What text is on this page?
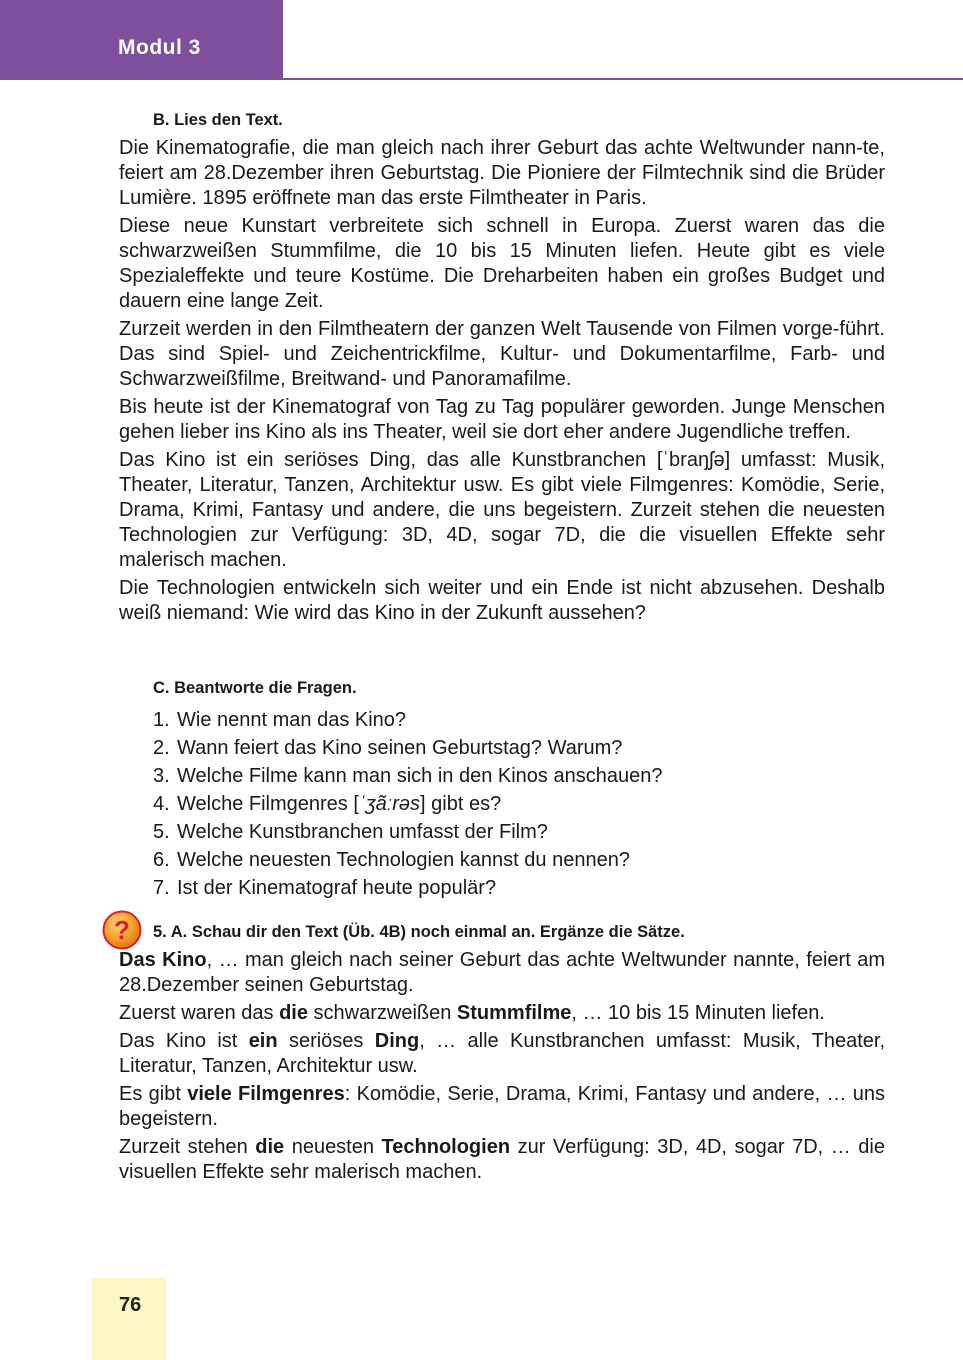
Modul 3

B. Lies den Text.

Die Kinematografie, die man gleich nach ihrer Geburt das achte Weltwunder nann-te, feiert am 28.Dezember ihren Geburtstag. Die Pioniere der Filmtechnik sind die Brüder Lumière. 1895 eröffnete man das erste Filmtheater in Paris.

Diese neue Kunstart verbreitete sich schnell in Europa. Zuerst waren das die schwarzweißen Stummfilme, die 10 bis 15 Minuten liefen. Heute gibt es viele Spezialeffekte und teure Kostüme. Die Dreharbeiten haben ein großes Budget und dauern eine lange Zeit.

Zurzeit werden in den Filmtheatern der ganzen Welt Tausende von Filmen vorge-führt. Das sind Spiel- und Zeichentrickfilme, Kultur- und Dokumentarfilme, Farb- und Schwarzweißfilme, Breitwand- und Panoramafilme.

Bis heute ist der Kinematograf von Tag zu Tag populärer geworden. Junge Menschen gehen lieber ins Kino als ins Theater, weil sie dort eher andere Jugendliche treffen.

Das Kino ist ein seriöses Ding, das alle Kunstbranchen [ˈbraŋʃə] umfasst: Musik, Theater, Literatur, Tanzen, Architektur usw. Es gibt viele Filmgenres: Komödie, Serie, Drama, Krimi, Fantasy und andere, die uns begeistern. Zurzeit stehen die neuesten Technologien zur Verfügung: 3D, 4D, sogar 7D, die die visuellen Effekte sehr malerisch machen.

Die Technologien entwickeln sich weiter und ein Ende ist nicht abzusehen. Deshalb weiß niemand: Wie wird das Kino in der Zukunft aussehen?

C. Beantworte die Fragen.

1. Wie nennt man das Kino?
2. Wann feiert das Kino seinen Geburtstag? Warum?
3. Welche Filme kann man sich in den Kinos anschauen?
4. Welche Filmgenres [ˈʒãːrəs] gibt es?
5. Welche Kunstbranchen umfasst der Film?
6. Welche neuesten Technologien kannst du nennen?
7. Ist der Kinematograf heute populär?
?	5. A. Schau dir den Text (Üb. 4B) noch einmal an. Ergänze die Sätze.

Das Kino, … man gleich nach seiner Geburt das achte Weltwunder nannte, feiert am 28.Dezember seinen Geburtstag.

Zuerst waren das die schwarzweißen Stummfilme, … 10 bis 15 Minuten liefen.

Das Kino ist ein seriöses Ding, … alle Kunstbranchen umfasst: Musik, Theater, Literatur, Tanzen, Architektur usw.

Es gibt viele Filmgenres: Komödie, Serie, Drama, Krimi, Fantasy und andere, … uns begeistern.

Zurzeit stehen die neuesten Technologien zur Verfügung: 3D, 4D, sogar 7D, … die visuellen Effekte sehr malerisch machen.

76
